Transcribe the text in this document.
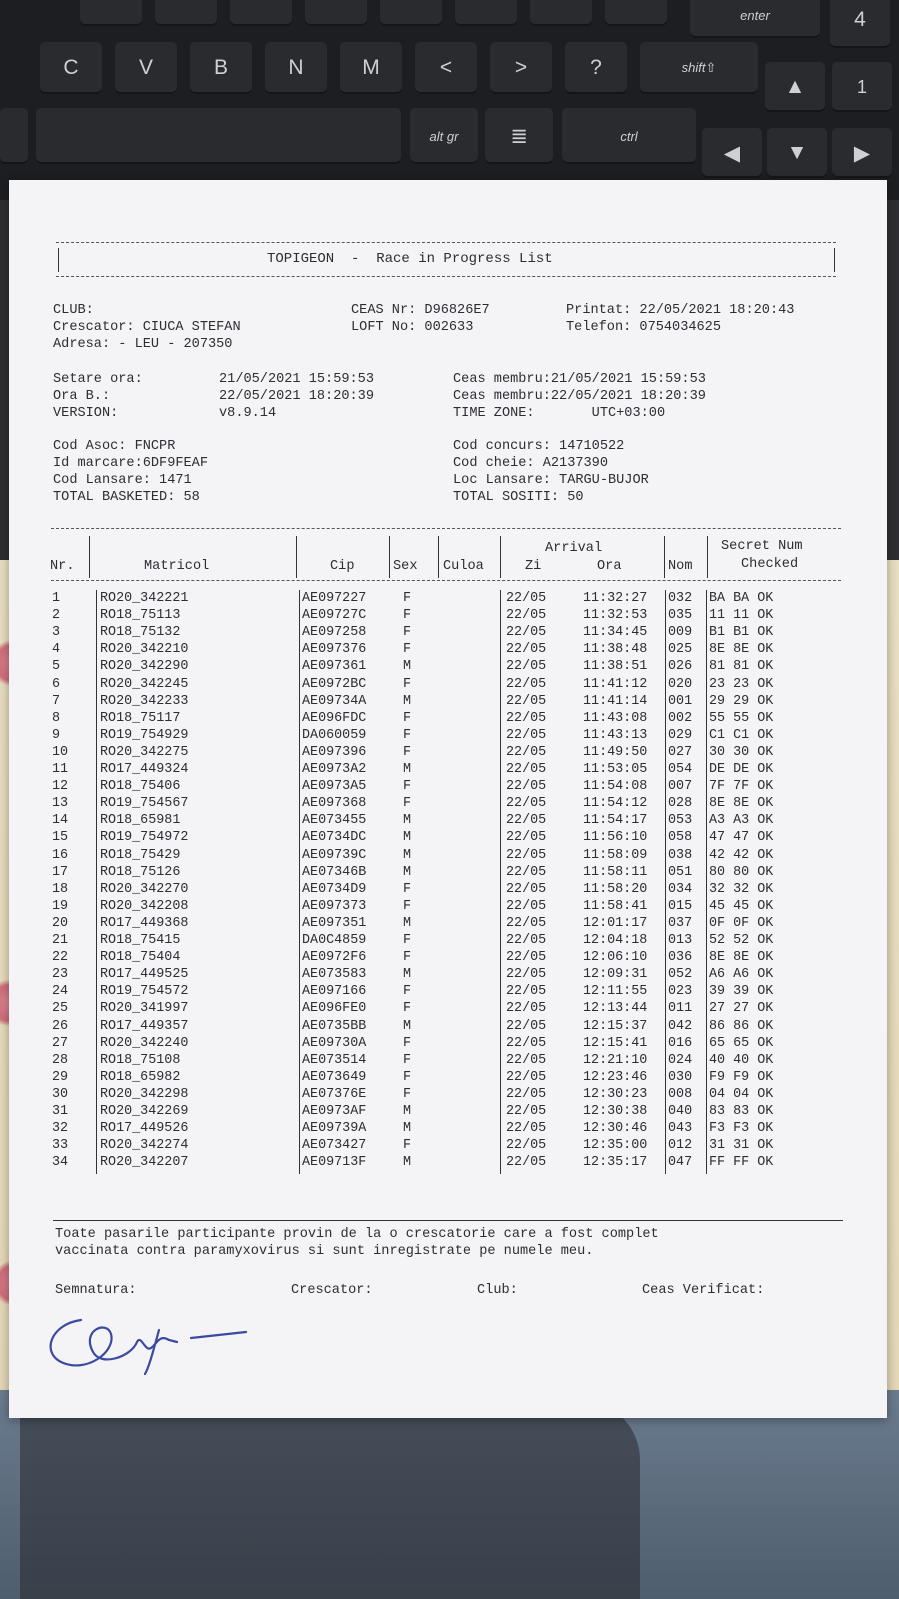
enter	4
C	V	B	N	M	<	>	?	shift⇧
▲	1
alt gr ≣	ctrl
◀ ▼ ▶
TOPIGEON  -  Race in Progress List
CLUB:
Crescator: CIUCA STEFAN
Adresa: - LEU - 207350
CEAS Nr: D96826E7
LOFT No: 002633
Printat: 22/05/2021 18:20:43
Telefon: 0754034625
Setare ora:	21/05/2021 15:59:53
Ora B.:	22/05/2021 18:20:39
VERSION:	v8.9.14
Ceas membru:21/05/2021 15:59:53
Ceas membru:22/05/2021 18:20:39
TIME ZONE:       UTC+03:00
Cod Asoc: FNCPR
Id marcare:6DF9FEAF
Cod Lansare: 1471
TOTAL BASKETED: 58
Cod concurs: 14710522
Cod cheie: A2137390
Loc Lansare: TARGU-BUJOR
TOTAL SOSITI: 50
Nr.	Matricol	Cip	Sex Culoa
Arrival
Zi	Ora	Nom
Secret Num
Checked
1	RO20_342221	AE097227	F	22/05	11:32:27 032 BA BA OK
2	RO18_75113	AE09727C	F	22/05	11:32:53 035 11 11 OK
3	RO18_75132	AE097258	F	22/05	11:34:45 009 B1 B1 OK
4	RO20_342210	AE097376	F	22/05	11:38:48 025 8E 8E OK
5	RO20_342290	AE097361	M	22/05	11:38:51 026 81 81 OK
6	RO20_342245	AE0972BC	F	22/05	11:41:12 020 23 23 OK
7	RO20_342233	AE09734A	M	22/05	11:41:14 001 29 29 OK
8	RO18_75117	AE096FDC	F	22/05	11:43:08 002 55 55 OK
9	RO19_754929	DA060059	F	22/05	11:43:13 029 C1 C1 OK
10 RO20_342275	AE097396	F	22/05	11:49:50 027 30 30 OK
11 RO17_449324	AE0973A2	M	22/05	11:53:05 054 DE DE OK
12 RO18_75406	AE0973A5	F	22/05	11:54:08 007 7F 7F OK
13 RO19_754567	AE097368	F	22/05	11:54:12 028 8E 8E OK
14 RO18_65981	AE073455	M	22/05	11:54:17 053 A3 A3 OK
15 RO19_754972	AE0734DC	M	22/05	11:56:10 058 47 47 OK
16 RO18_75429	AE09739C	M	22/05	11:58:09 038 42 42 OK
17 RO18_75126	AE07346B	M	22/05	11:58:11 051 80 80 OK
18 RO20_342270	AE0734D9	F	22/05	11:58:20 034 32 32 OK
19 RO20_342208	AE097373	F	22/05	11:58:41 015 45 45 OK
20 RO17_449368	AE097351	M	22/05	12:01:17 037 0F 0F OK
21 RO18_75415	DA0C4859	F	22/05	12:04:18 013 52 52 OK
22 RO18_75404	AE0972F6	F	22/05	12:06:10 036 8E 8E OK
23 RO17_449525	AE073583	M	22/05	12:09:31 052 A6 A6 OK
24 RO19_754572	AE097166	F	22/05	12:11:55 023 39 39 OK
25 RO20_341997	AE096FE0	F	22/05	12:13:44 011 27 27 OK
26 RO17_449357	AE0735BB	M	22/05	12:15:37 042 86 86 OK
27 RO20_342240	AE09730A	F	22/05	12:15:41 016 65 65 OK
28 RO18_75108	AE073514	F	22/05	12:21:10 024 40 40 OK
29 RO18_65982	AE073649	F	22/05	12:23:46 030 F9 F9 OK
30 RO20_342298	AE07376E	F	22/05	12:30:23 008 04 04 OK
31 RO20_342269	AE0973AF	M	22/05	12:30:38 040 83 83 OK
32 RO17_449526	AE09739A	M	22/05	12:30:46 043 F3 F3 OK
33 RO20_342274	AE073427	F	22/05	12:35:00 012 31 31 OK
34 RO20_342207	AE09713F	M	22/05	12:35:17 047 FF FF OK
Toate pasarile participante provin de la o crescatorie care a fost complet
vaccinata contra paramyxovirus si sunt inregistrate pe numele meu.
Semnatura:	Crescator:	Club:	Ceas Verificat:
